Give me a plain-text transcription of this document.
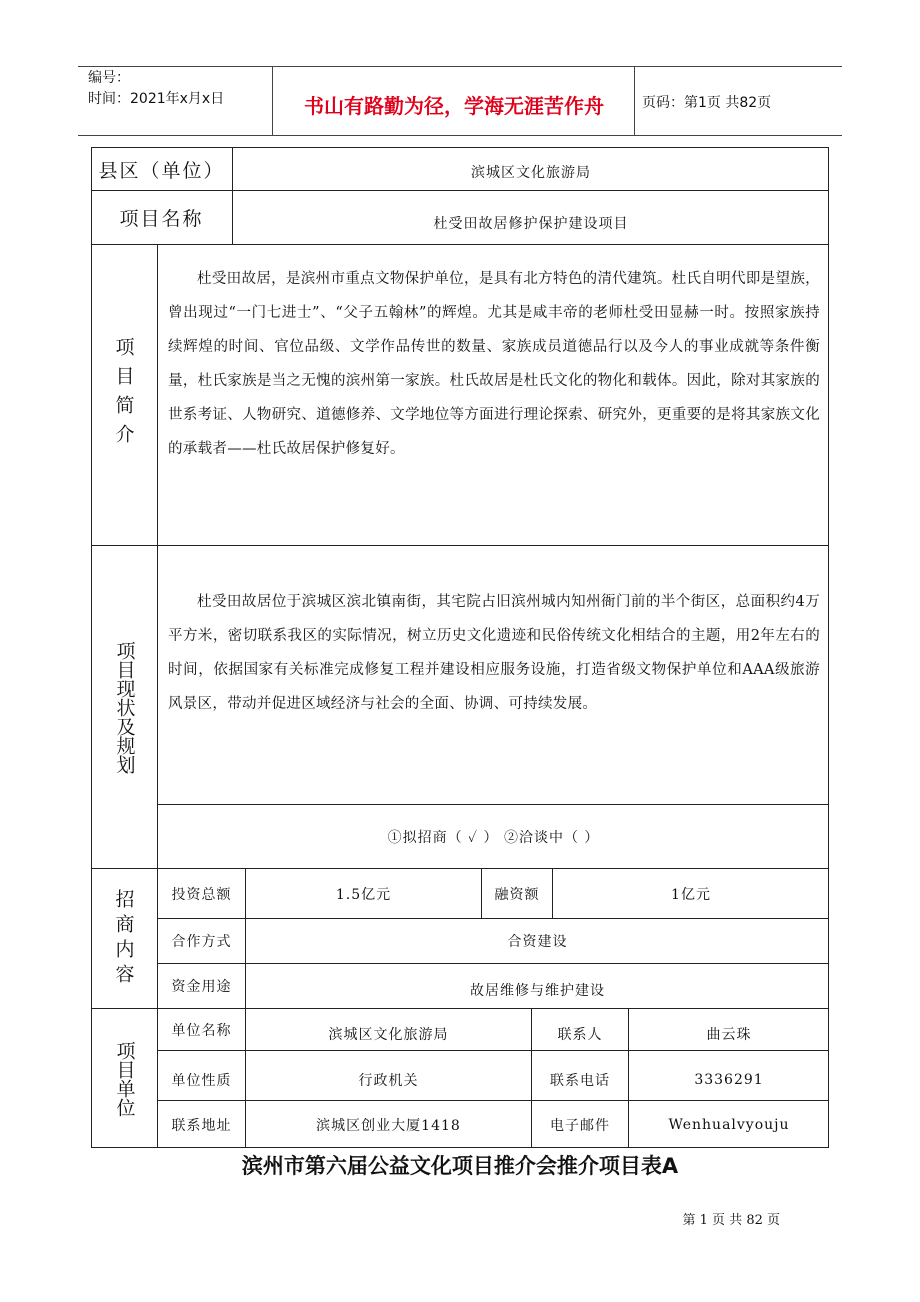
编号：
时间：2021年x月x日	书山有路勤为径，学海无涯苦作舟	页码：第1页 共82页
县区（单位）	滨城区文化旅游局
项目名称	杜受田故居修护保护建设项目
项目简介
杜受田故居，是滨州市重点文物保护单位，是具有北方特色的清代建筑。杜氏自明代即是望族，曾出现过“一门七进士”、“父子五翰林”的辉煌。尤其是咸丰帝的老师杜受田显赫一时。按照家族持续辉煌的时间、官位品级、文学作品传世的数量、家族成员道德品行以及今人的事业成就等条件衡量，杜氏家族是当之无愧的滨州第一家族。杜氏故居是杜氏文化的物化和载体。因此，除对其家族的世系考证、人物研究、道德修养、文学地位等方面进行理论探索、研究外，更重要的是将其家族文化的承载者——杜氏故居保护修复好。
项目现状及规划
杜受田故居位于滨城区滨北镇南街，其宅院占旧滨州城内知州衙门前的半个街区，总面积约4万平方米，密切联系我区的实际情况，树立历史文化遗迹和民俗传统文化相结合的主题，用2年左右的时间，依据国家有关标准完成修复工程并建设相应服务设施，打造省级文物保护单位和AAA级旅游风景区，带动并促进区域经济与社会的全面、协调、可持续发展。
①拟招商（ ✓ ） ②洽谈中（ ）
招商内容	投资总额	1.5亿元	融资额	1亿元
合作方式	合资建设
资金用途	故居维修与维护建设
项目单位
单位名称	滨城区文化旅游局	联系人	曲云珠
单位性质	行政机关	联系电话	3336291
联系地址	滨城区创业大厦1418	电子邮件	Wenhualvyouju
滨州市第六届公益文化项目推介会推介项目表A
第 1 页 共 82 页
